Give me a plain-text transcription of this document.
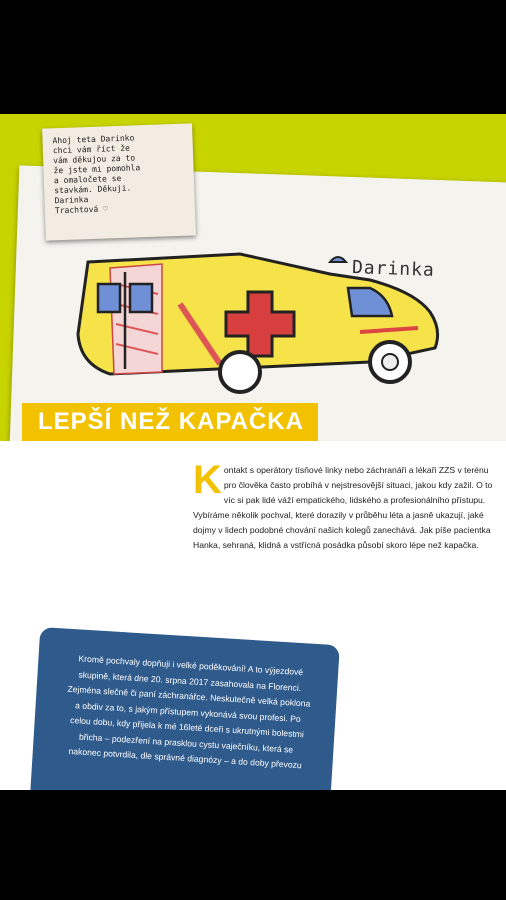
Darinka

Ahoj teta Darinko
chci vám říct že
vám děkujou za to
že jste mi pomohla
a omaločete se
stavkám. Děkuji.
Darinka
Trachtová ♡
LEPŠÍ NEŽ KAPAČKA
K ontakt s operátory tísňové linky nebo záchranáři a lékaři ZZS v terénu pro člověka často probíhá v nejstresovější situaci, jakou kdy zažil. O to víc si pak lidé váží empatického, lidského a profesionálního přístupu. Vybíráme několik pochval, které dorazily v průběhu léta a jasně ukazují, jaké dojmy v lidech podobné chování našich kolegů zanechává. Jak píše pacientka Hanka, sehraná, klidná a vstřícná posádka působí skoro lépe než kapačka.
Kromě pochvaly dopňuji i velké poděkování! A to výjezdové skupině, která dne 20. srpna 2017 zasahovala na Florenci. Zejména slečně či paní záchranářce. Neskutečně velká poklona a obdiv za to, s jakým přístupem vykonává svou profesi. Po celou dobu, kdy přijela k mé 16leté dceři s ukrutnými bolestmi břicha – podezření na prasklou cystu vaječníku, která se nakonec potvrdila, dle správné diagnózy – a do doby převozu
